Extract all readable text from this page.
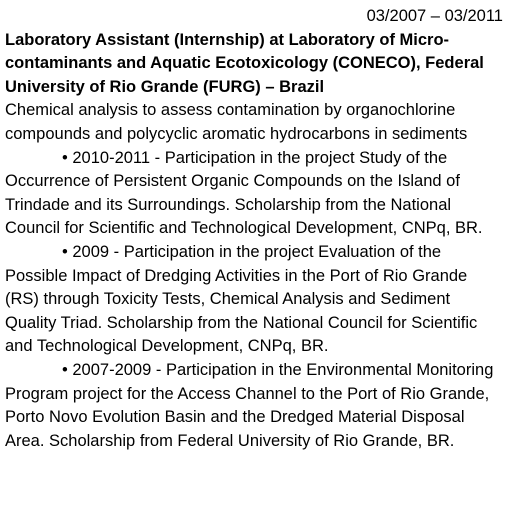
03/2007 – 03/2011
Laboratory Assistant (Internship) at Laboratory of Micro-contaminants and Aquatic Ecotoxicology (CONECO), Federal University of Rio Grande (FURG) – Brazil
Chemical analysis to assess contamination by organochlorine compounds and polycyclic aromatic hydrocarbons in sediments
• 2010-2011 - Participation in the project Study of the Occurrence of Persistent Organic Compounds on the Island of Trindade and its Surroundings. Scholarship from the National Council for Scientific and Technological Development, CNPq, BR.
• 2009 - Participation in the project Evaluation of the Possible Impact of Dredging Activities in the Port of Rio Grande (RS) through Toxicity Tests, Chemical Analysis and Sediment Quality Triad. Scholarship from the National Council for Scientific and Technological Development, CNPq, BR.
• 2007-2009 - Participation in the Environmental Monitoring Program project for the Access Channel to the Port of Rio Grande, Porto Novo Evolution Basin and the Dredged Material Disposal Area. Scholarship from Federal University of Rio Grande, BR.
